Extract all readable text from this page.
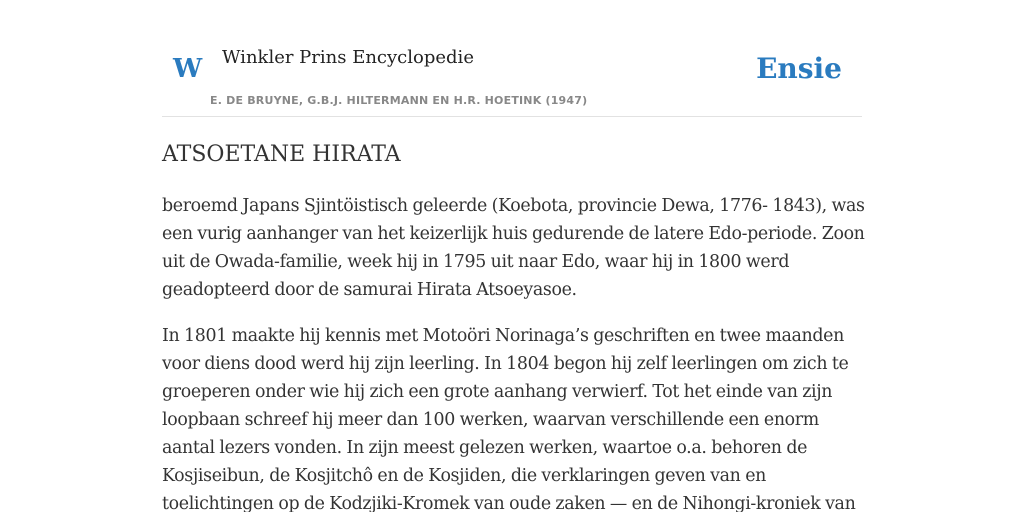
W Winkler Prins Encyclopedie	Ensie
E. DE BRUYNE, G.B.J. HILTERMANN EN H.R. HOETINK (1947)
ATSOETANE HIRATA

beroemd Japans Sjintöistisch geleerde (Koebota, provincie Dewa, 1776- 1843), was een vurig aanhanger van het keizerlijk huis gedurende de latere Edo-periode. Zoon uit de Owada-familie, week hij in 1795 uit naar Edo, waar hij in 1800 werd geadopteerd door de samurai Hirata Atsoeyasoe.

In 1801 maakte hij kennis met Motoöri Norinaga’s geschriften en twee maanden voor diens dood werd hij zijn leerling. In 1804 begon hij zelf leerlingen om zich te groeperen onder wie hij zich een grote aanhang verwierf. Tot het einde van zijn loopbaan schreef hij meer dan 100 werken, waarvan verschillende een enorm aantal lezers vonden. In zijn meest gelezen werken, waartoe o.a. behoren de Kosjiseibun, de Kosjitchô en de Kosjiden, die verklaringen geven van en toelichtingen op de Kodzjiki-Kromek van oude zaken — en de Nihongi-kroniek van
